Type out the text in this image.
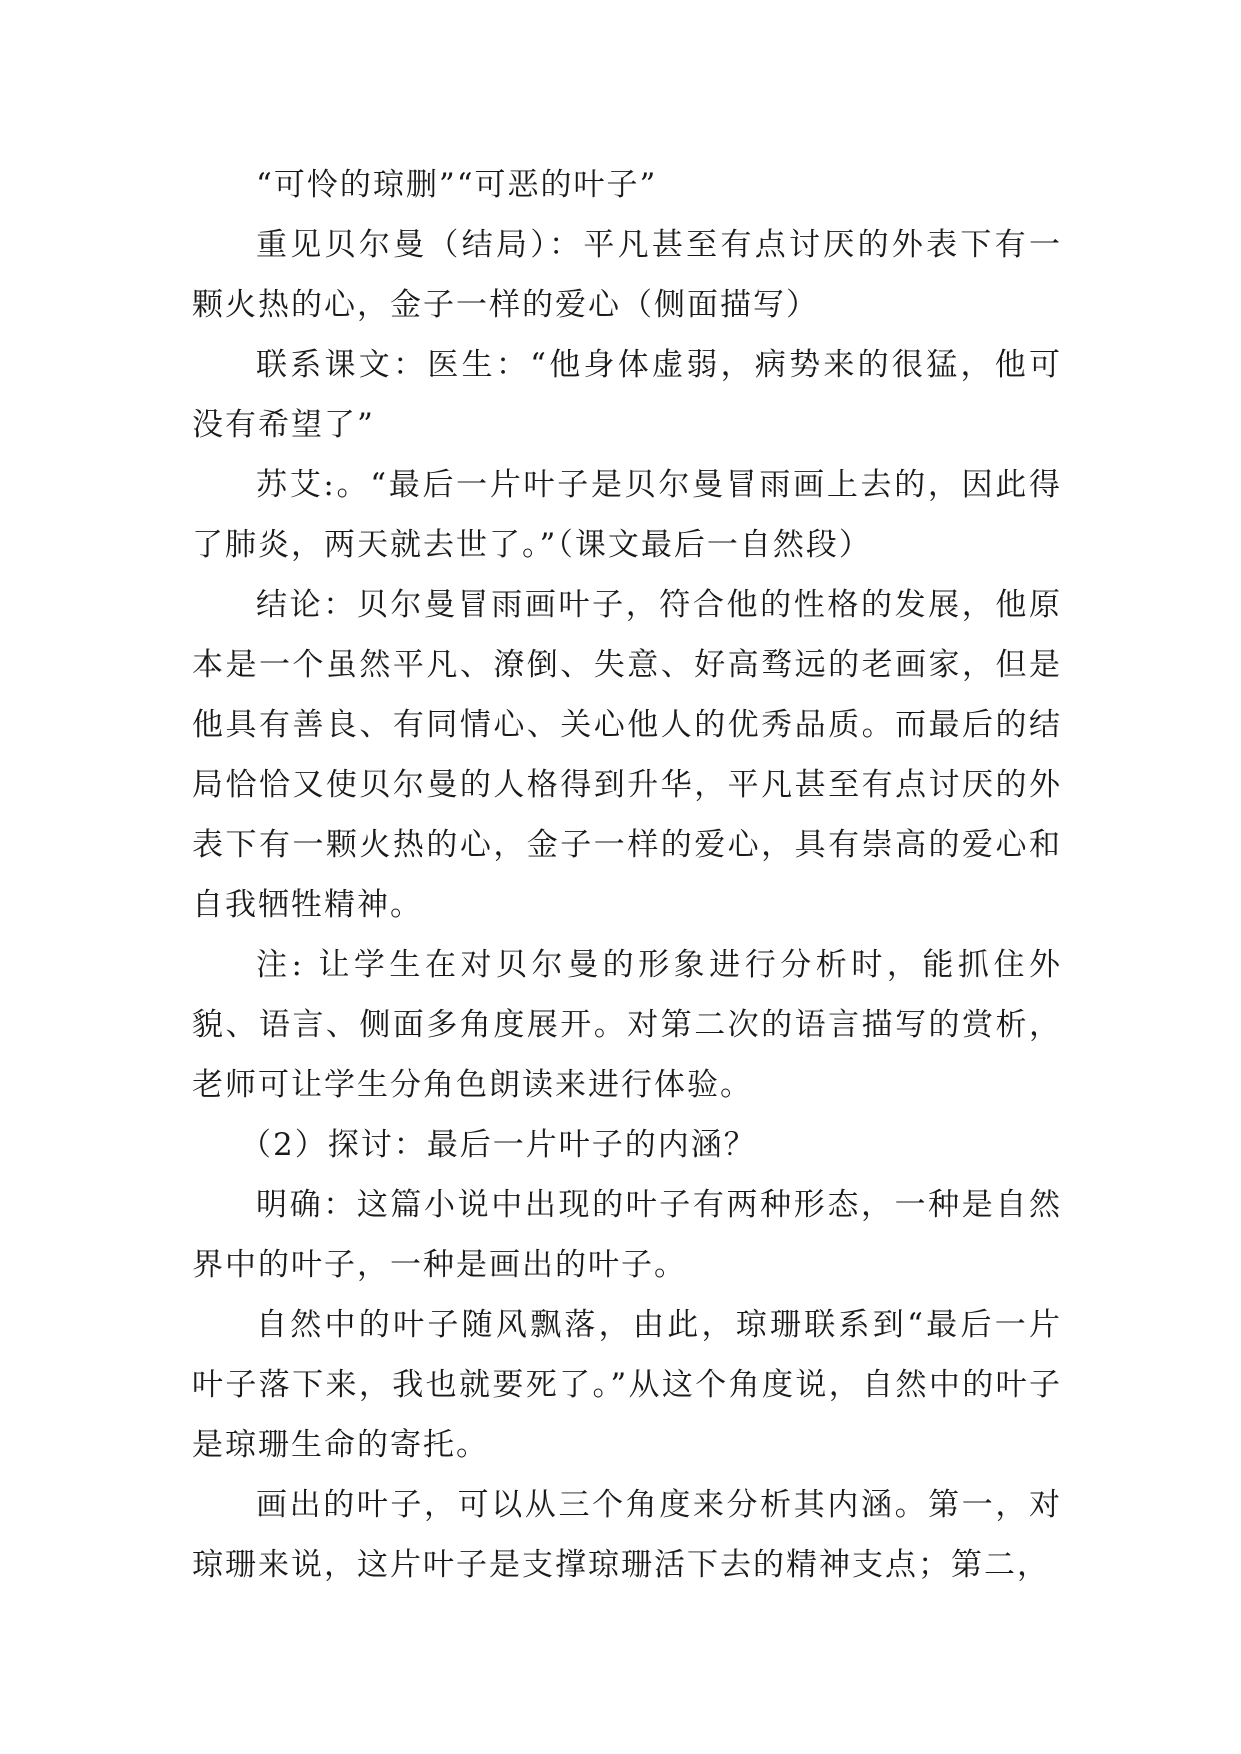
“可怜的琼删”“可恶的叶子”

重见贝尔曼（结局）：平凡甚至有点讨厌的外表下有一颗火热的心，金子一样的爱心（侧面描写）

联系课文：医生：“他身体虚弱，病势来的很猛，他可没有希望了”

苏艾:。“最后一片叶子是贝尔曼冒雨画上去的，因此得了肺炎，两天就去世了。”（课文最后一自然段）

结论：贝尔曼冒雨画叶子，符合他的性格的发展，他原本是一个虽然平凡、潦倒、失意、好高骛远的老画家，但是他具有善良、有同情心、关心他人的优秀品质。而最后的结局恰恰又使贝尔曼的人格得到升华，平凡甚至有点讨厌的外表下有一颗火热的心，金子一样的爱心，具有崇高的爱心和自我牺牲精神。

注: 让学生在对贝尔曼的形象进行分析时，能抓住外貌、语言、侧面多角度展开。对第二次的语言描写的赏析，老师可让学生分角色朗读来进行体验。

（2）探讨：最后一片叶子的内涵？

明确：这篇小说中出现的叶子有两种形态，一种是自然界中的叶子，一种是画出的叶子。

自然中的叶子随风飘落，由此，琼珊联系到“最后一片叶子落下来，我也就要死了。”从这个角度说，自然中的叶子是琼珊生命的寄托。

画出的叶子，可以从三个角度来分析其内涵。第一，对琼珊来说，这片叶子是支撑琼珊活下去的精神支点；第二，
